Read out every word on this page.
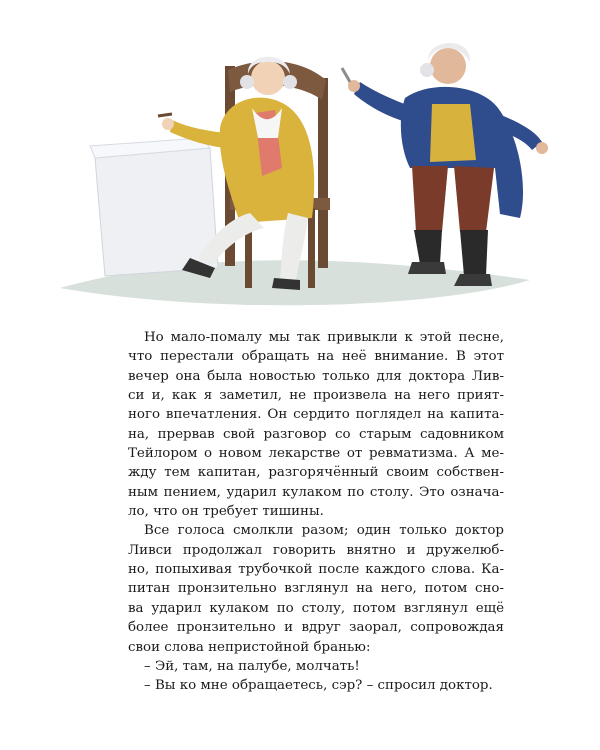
Но мало-помалу мы так привыкли к этой песне,
что перестали обращать на неё внимание. В этот
вечер она была новостью только для доктора Лив-
си и, как я заметил, не произвела на него прият-
ного впечатления. Он сердито поглядел на капита-
на, прервав свой разговор со старым садовником
Тейлором о новом лекарстве от ревматизма. А ме-
жду тем капитан, разгорячённый своим собствен-
ным пением, ударил кулаком по столу. Это означа-
ло, что он требует тишины.
Все голоса смолкли разом; один только доктор
Ливси продолжал говорить внятно и дружелюб-
но, попыхивая трубочкой после каждого слова. Ка-
питан пронзительно взглянул на него, потом сно-
ва ударил кулаком по столу, потом взглянул ещё
более пронзительно и вдруг заорал, сопровождая
свои слова непристойной бранью:
– Эй, там, на палубе, молчать!
– Вы ко мне обращаетесь, сэр? – спросил доктор.
